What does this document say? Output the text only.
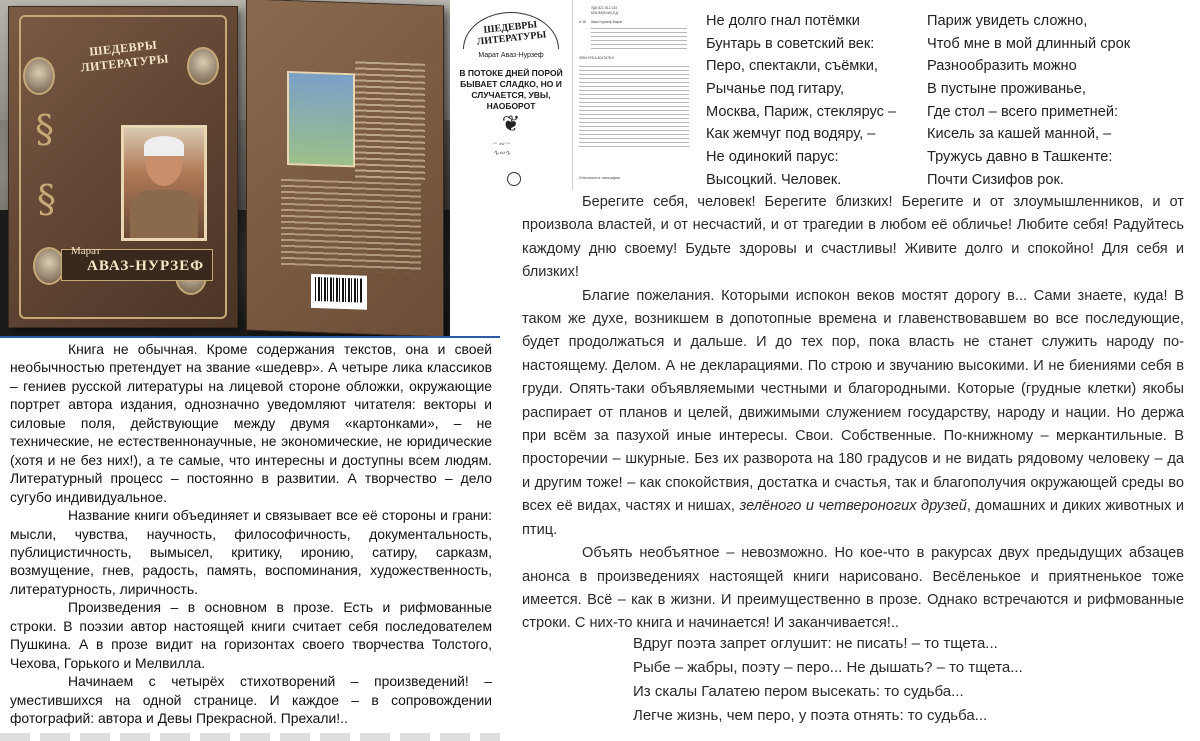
ШЕДЕВРЫ ЛИТЕРАТУРЫ
§
§
Марат
АВАЗ-НУРЗЕФ
ШЕДЕВРЫ ЛИТЕРАТУРЫ
Марат Аваз-Нурзеф
В ПОТОКЕ ДНЕЙ ПОРОЙ БЫВАЕТ СЛАДКО, НО И СЛУЧАЕТСЯ, УВЫ, НАОБОРОТ
❦
~ ∾ ~
∿∾∿
УДК 821.512.133
ББК 84(5Узб)-5 Д
А 18 Аваз-Нурзеф Марат
ISBN 978-5-6047678-5
Отпечатано в типографии
Не долго гнал потёмки
Бунтарь в советский век:
Перо, спектакли, съёмки,
Рычанье под гитару,
Москва, Париж, стеклярус –
Как жемчуг под водяру, –
Не одинокий парус:
Высоцкий. Человек.
Париж увидеть сложно,
Чтоб мне в мой длинный срок
Разнообразить можно
В пустыне проживанье,
Где стол – всего приметней:
Кисель за кашей манной, –
Тружусь давно в Ташкенте:
Почти Сизифов рок.

Берегите себя, человек! Берегите близких! Берегите и от злоумышленников, и от произвола властей, и от несчастий, и от трагедии в любом её обличье! Любите себя! Радуйтесь каждому дню своему! Будьте здоровы и счастливы! Живите долго и спокойно! Для себя и близких!

Благие пожелания. Которыми испокон веков мостят дорогу в... Сами знаете, куда! В таком же духе, возникшем в допотопные времена и главенствовавшем во все последующие, будет продолжаться и дальше. И до тех пор, пока власть не станет служить народу по-настоящему. Делом. А не декларациями. По строю и звучанию высокими. И не биениями себя в груди. Опять-таки объявляемыми честными и благородными. Которые (грудные клетки) якобы распирает от планов и целей, движимыми служением государству, народу и нации. Но держа при всём за пазухой иные интересы. Свои. Собственные. По-книжному – меркантильные. В просторечии – шкурные. Без их разворота на 180 градусов и не видать рядовому человеку – да и другим тоже! – как спокойствия, достатка и счастья, так и благополучия окружающей среды во всех её видах, частях и нишах, зелёного и четвероногих друзей, домашних и диких животных и птиц.

Объять необъятное – невозможно. Но кое-что в ракурсах двух предыдущих абзацев анонса в произведениях настоящей книги нарисовано. Весёленькое и приятненькое тоже имеется. Всё – как в жизни. И преимущественно в прозе. Однако встречаются и рифмованные строки. С них-то книга и начинается! И заканчивается!..

Вдруг поэта запрет оглушит: не писать! – то тщета...
Рыбе – жабры, поэту – перо... Не дышать? – то тщета...
Из скалы Галатею пером высекать: то судьба...
Легче жизнь, чем перо, у поэта отнять: то судьба...

Книга не обычная. Кроме содержания текстов, она и своей необычностью претендует на звание «шедевр». А четыре лика классиков – гениев русской литературы на лицевой стороне обложки, окружающие портрет автора издания, однозначно уведомляют читателя: векторы и силовые поля, действующие между двумя «картонками», – не технические, не естественнонаучные, не экономические, не юридические (хотя и не без них!), а те самые, что интересны и доступны всем людям. Литературный процесс – постоянно в развитии. А творчество – дело сугубо индивидуальное.

Название книги объединяет и связывает все её стороны и грани: мысли, чувства, научность, философичность, документальность, публицистичность, вымысел, критику, иронию, сатиру, сарказм, возмущение, гнев, радость, память, воспоминания, художественность, литературность, лиричность.

Произведения – в основном в прозе. Есть и рифмованные строки. В поэзии автор настоящей книги считает себя последователем Пушкина. А в прозе видит на горизонтах своего творчества Толстого, Чехова, Горького и Мелвилла.

Начинаем с четырёх стихотворений – произведений! – уместившихся на одной странице. И каждое – в сопровождении фотографий: автора и Девы Прекрасной. Прехали!..
